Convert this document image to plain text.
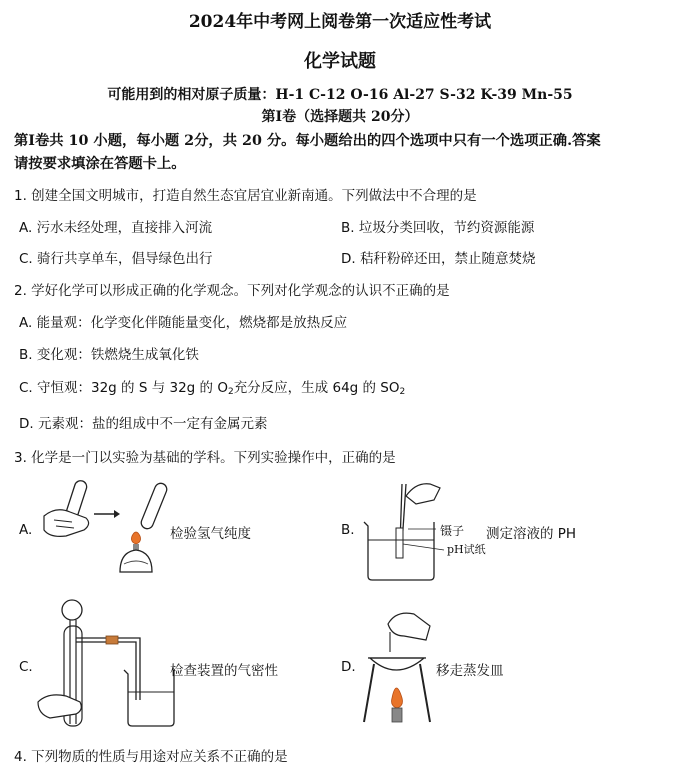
2024年中考网上阅卷第一次适应性考试
化学试题
可能用到的相对原子质量：H-1 C-12 O-16 Al-27 S-32 K-39 Mn-55
第Ⅰ卷（选择题共 20分）
第Ⅰ卷共 10 小题，每小题 2分，共 20 分。每小题给出的四个选项中只有一个选项正确.答案
请按要求填涂在答题卡上。
1. 创建全国文明城市，打造自然生态宜居宜业新南通。下列做法中不合理的是
A. 污水未经处理，直接排入河流	B. 垃圾分类回收，节约资源能源
C. 骑行共享单车，倡导绿色出行	D. 秸秆粉碎还田，禁止随意焚烧
2. 学好化学可以形成正确的化学观念。下列对化学观念的认识不正确的是
A. 能量观：化学变化伴随能量变化，燃烧都是放热反应
B. 变化观：铁燃烧生成氧化铁
C. 守恒观：32g 的 S 与 32g 的 $O_2$充分反应，生成 64g 的 $SO_2$
D. 元素观：盐的组成中不一定有金属元素
3. 化学是一门以实验为基础的学科。下列实验操作中，正确的是
A.	检验氢气纯度	B.	镊子
pH试纸
测定溶液的 PH
C.	检查装置的气密性	D.	移走蒸发皿
4. 下列物质的性质与用途对应关系不正确的是
